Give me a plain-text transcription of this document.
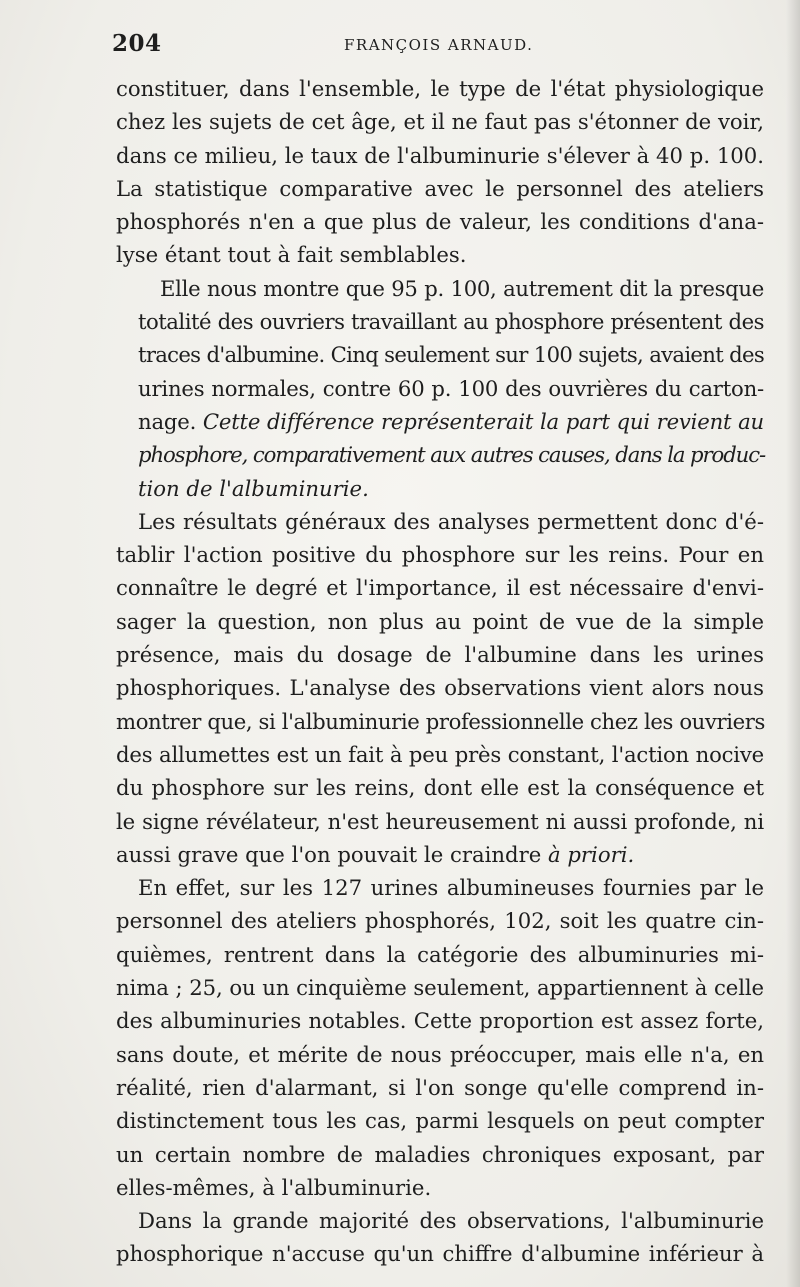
204	FRANÇOIS ARNAUD.

constituer, dans l'ensemble, le type de l'état physiologique
chez les sujets de cet âge, et il ne faut pas s'étonner de voir,
dans ce milieu, le taux de l'albuminurie s'élever à 40 p. 100.
La statistique comparative avec le personnel des ateliers
phosphorés n'en a que plus de valeur, les conditions d'ana-
lyse étant tout à fait semblables.

Elle nous montre que 95 p. 100, autrement dit la presque
totalité des ouvriers travaillant au phosphore présentent des
traces d'albumine. Cinq seulement sur 100 sujets, avaient des
urines normales, contre 60 p. 100 des ouvrières du carton-
nage. Cette différence représenterait la part qui revient au
phosphore, comparativement aux autres causes, dans la produc-
tion de l'albuminurie.

Les résultats généraux des analyses permettent donc d'é-
tablir l'action positive du phosphore sur les reins. Pour en
connaître le degré et l'importance, il est nécessaire d'envi-
sager la question, non plus au point de vue de la simple
présence, mais du dosage de l'albumine dans les urines
phosphoriques. L'analyse des observations vient alors nous
montrer que, si l'albuminurie professionnelle chez les ouvriers
des allumettes est un fait à peu près constant, l'action nocive
du phosphore sur les reins, dont elle est la conséquence et
le signe révélateur, n'est heureusement ni aussi profonde, ni
aussi grave que l'on pouvait le craindre à priori.

En effet, sur les 127 urines albumineuses fournies par le
personnel des ateliers phosphorés, 102, soit les quatre cin-
quièmes, rentrent dans la catégorie des albuminuries mi-
nima ; 25, ou un cinquième seulement, appartiennent à celle
des albuminuries notables. Cette proportion est assez forte,
sans doute, et mérite de nous préoccuper, mais elle n'a, en
réalité, rien d'alarmant, si l'on songe qu'elle comprend in-
distinctement tous les cas, parmi lesquels on peut compter
un certain nombre de maladies chroniques exposant, par
elles-mêmes, à l'albuminurie.

Dans la grande majorité des observations, l'albuminurie
phosphorique n'accuse qu'un chiffre d'albumine inférieur à
